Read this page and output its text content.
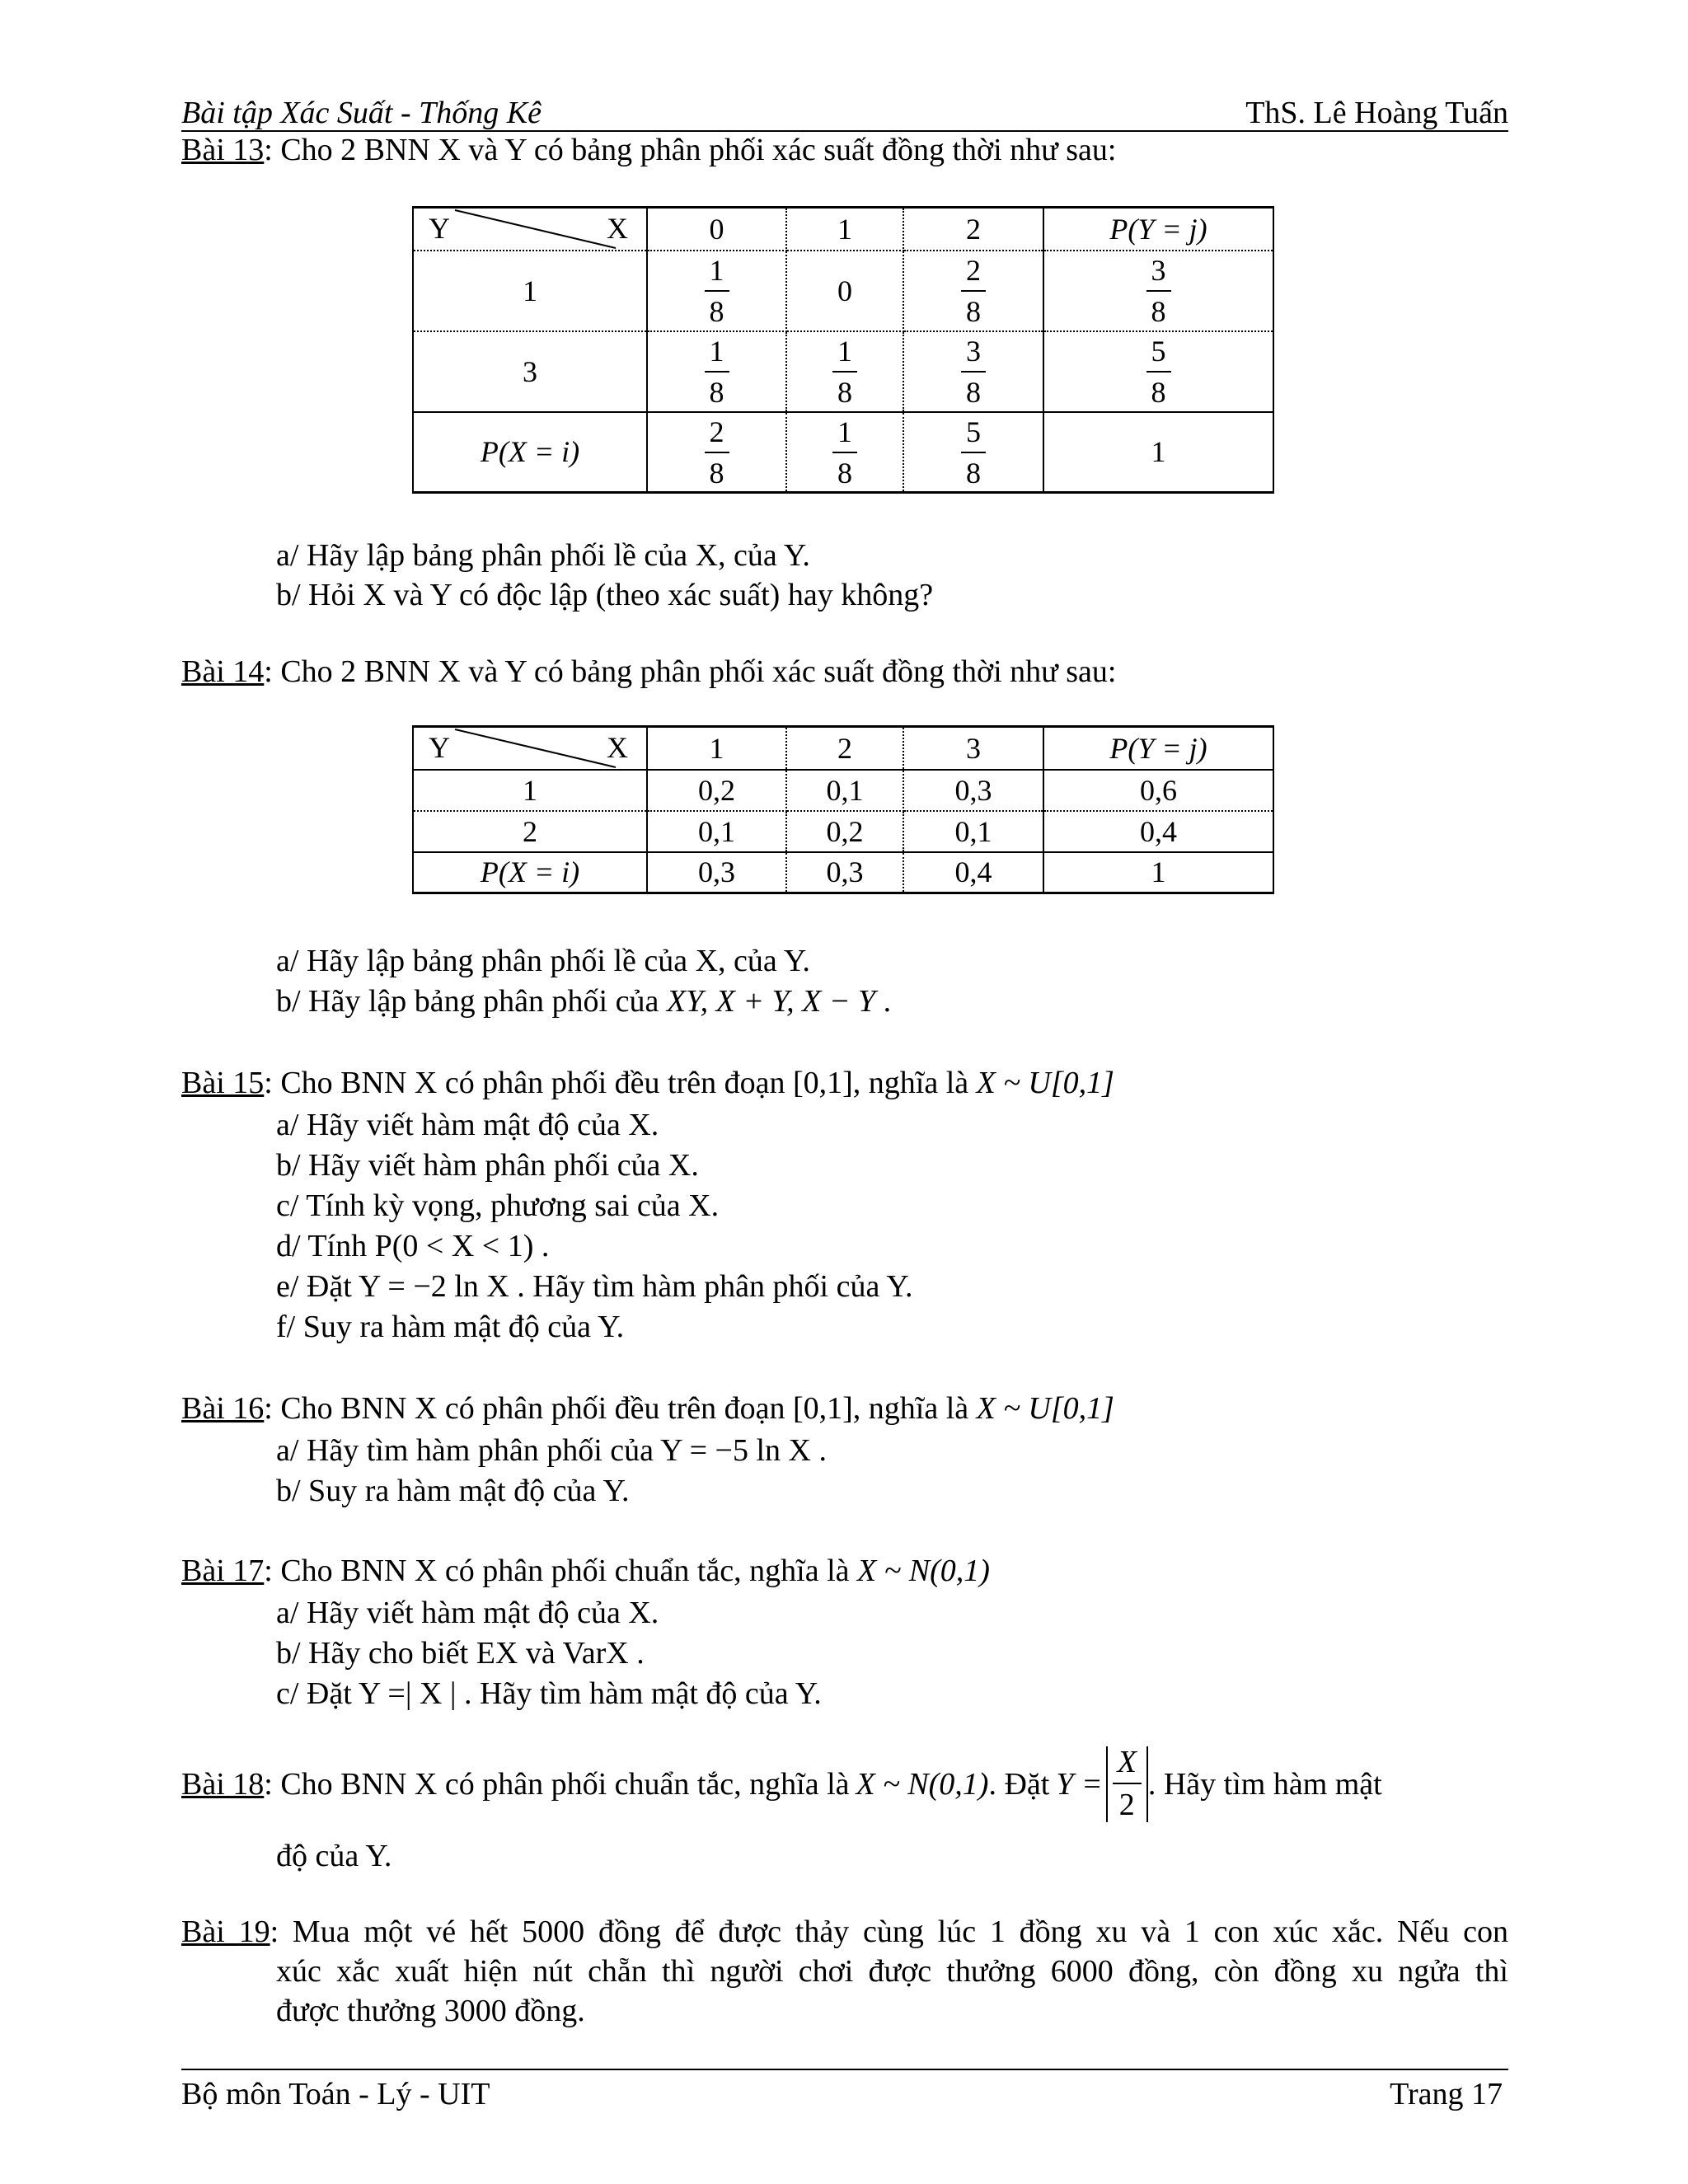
Bài tập Xác Suất - Thống Kê	ThS. Lê Hoàng Tuấn

Bài 13: Cho 2 BNN X và Y có bảng phân phối xác suất đồng thời như sau:

Y X	0	1	2	P(Y = j)
1	$\frac{1}{8}$	0	$\frac{2}{8}$	$\frac{3}{8}$

3	$\frac{1}{8}$	$\frac{1}{8}$	$\frac{3}{8}$	$\frac{5}{8}$

P(X = i)	$\frac{2}{8}$	$\frac{1}{8}$	$\frac{5}{8}$	1

a/ Hãy lập bảng phân phối lề của X, của Y.

b/ Hỏi X và Y có độc lập (theo xác suất) hay không?

Bài 14: Cho 2 BNN X và Y có bảng phân phối xác suất đồng thời như sau:

Y X	1	2	3	P(Y = j)
1	0,2	0,1	0,3	0,6
2	0,1	0,2	0,1	0,4
P(X = i)	0,3	0,3	0,4	1

a/ Hãy lập bảng phân phối lề của X, của Y.

b/ Hãy lập bảng phân phối của XY, X + Y, X − Y .

Bài 15: Cho BNN X có phân phối đều trên đoạn [0,1], nghĩa là X ~ U[0,1]

a/ Hãy viết hàm mật độ của X.

b/ Hãy viết hàm phân phối của X.

c/ Tính kỳ vọng, phương sai của X.

d/ Tính P(0 < X < 1) .

e/ Đặt Y = −2 ln X . Hãy tìm hàm phân phối của Y.

f/ Suy ra hàm mật độ của Y.

Bài 16: Cho BNN X có phân phối đều trên đoạn [0,1], nghĩa là X ~ U[0,1]

a/ Hãy tìm hàm phân phối của Y = −5 ln X .

b/ Suy ra hàm mật độ của Y.

Bài 17: Cho BNN X có phân phối chuẩn tắc, nghĩa là X ~ N(0,1)

a/ Hãy viết hàm mật độ của X.

b/ Hãy cho biết EX và VarX .

c/ Đặt Y =| X | . Hãy tìm hàm mật độ của Y.

Bài 18 : Cho BNN X có phân phối chuẩn tắc, nghĩa là X ~ N(0,1) . Đặt $Y = \frac{X}{2}$ . Hãy tìm hàm mật

độ của Y.

Bài 19: Mua một vé hết 5000 đồng để được thảy cùng lúc 1 đồng xu và 1 con xúc xắc. Nếu con

xúc xắc xuất hiện nút chẵn thì người chơi được thưởng 6000 đồng, còn đồng xu ngửa thì

được thưởng 3000 đồng.

Bộ môn Toán - Lý - UIT	Trang 17
